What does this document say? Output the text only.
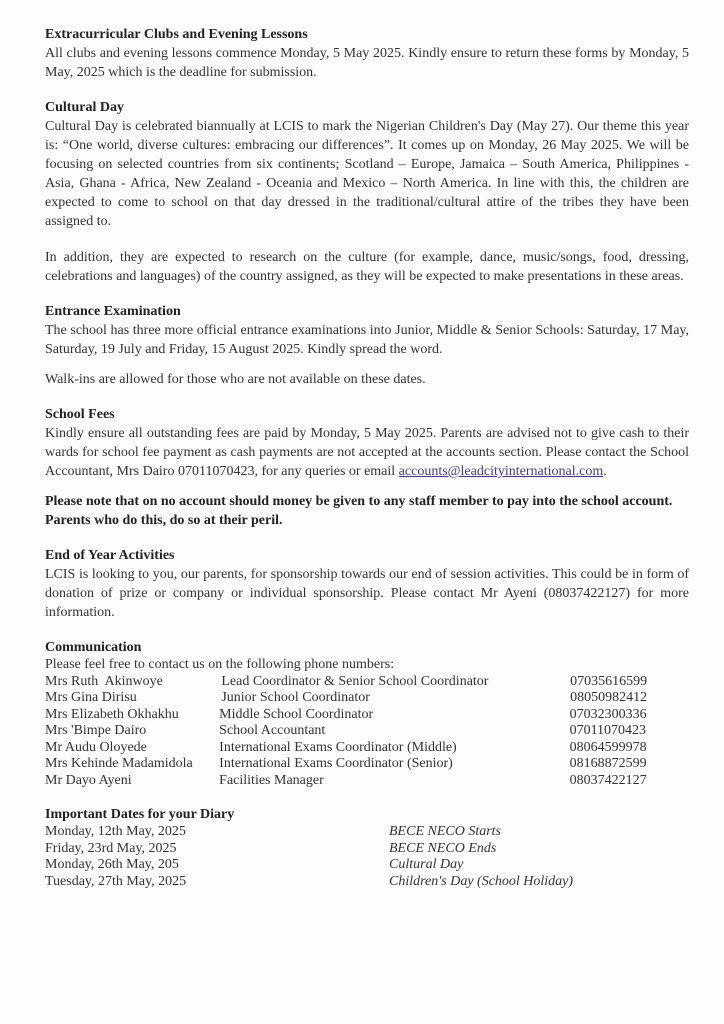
Extracurricular Clubs and Evening Lessons

All clubs and evening lessons commence Monday, 5 May 2025. Kindly ensure to return these forms by Monday, 5 May, 2025 which is the deadline for submission.

Cultural Day

Cultural Day is celebrated biannually at LCIS to mark the Nigerian Children's Day (May 27). Our theme this year is: “One world, diverse cultures: embracing our differences”. It comes up on Monday, 26 May 2025. We will be focusing on selected countries from six continents; Scotland – Europe, Jamaica – South America, Philippines - Asia, Ghana - Africa, New Zealand - Oceania and Mexico – North America. In line with this, the children are expected to come to school on that day dressed in the traditional/cultural attire of the tribes they have been assigned to.

In addition, they are expected to research on the culture (for example, dance, music/songs, food, dressing, celebrations and languages) of the country assigned, as they will be expected to make presentations in these areas.

Entrance Examination

The school has three more official entrance examinations into Junior, Middle & Senior Schools: Saturday, 17 May, Saturday, 19 July and Friday, 15 August 2025. Kindly spread the word.

Walk-ins are allowed for those who are not available on these dates.

School Fees

Kindly ensure all outstanding fees are paid by Monday, 5 May 2025. Parents are advised not to give cash to their wards for school fee payment as cash payments are not accepted at the accounts section. Please contact the School Accountant, Mrs Dairo 07011070423, for any queries or email accounts@leadcityinternational.com.

Please note that on no account should money be given to any staff member to pay into the school account. Parents who do this, do so at their peril.

End of Year Activities

LCIS is looking to you, our parents, for sponsorship towards our end of session activities. This could be in form of donation of prize or company or individual sponsorship. Please contact Mr Ayeni (08037422127) for more information.

Communication

Please feel free to contact us on the following phone numbers:

Mrs Ruth  Akinwoye	Lead Coordinator & Senior School Coordinator	07035616599
Mrs Gina Dirisu	Junior School Coordinator	08050982412
Mrs Elizabeth Okhakhu	Middle School Coordinator	07032300336
Mrs 'Bimpe Dairo	School Accountant	07011070423
Mr Audu Oloyede	International Exams Coordinator (Middle)	08064599978
Mrs Kehinde Madamidola	International Exams Coordinator (Senior)	08168872599
Mr Dayo Ayeni	Facilities Manager	08037422127
Important Dates for your Diary
Monday, 12th May, 2025	BECE NECO Starts
Friday, 23rd May, 2025	BECE NECO Ends
Monday, 26th May, 205	Cultural Day
Tuesday, 27th May, 2025	Children's Day (School Holiday)
